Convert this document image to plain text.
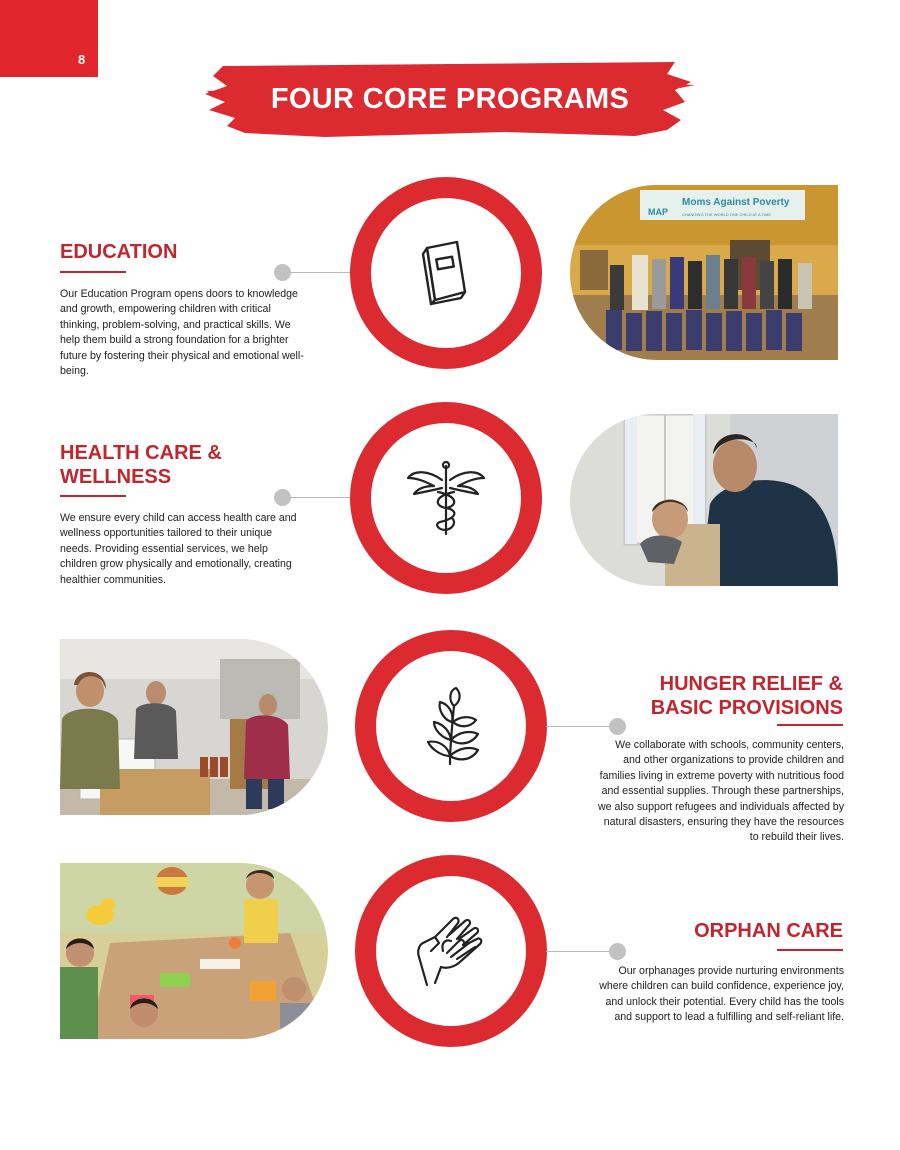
8
FOUR CORE PROGRAMS
EDUCATION

Our Education Program opens doors to knowledge and growth, empowering children with critical thinking, problem-solving, and practical skills. We help them build a strong foundation for a brighter future by fostering their physical and emotional well-being.

Moms Against Poverty
MAP	CHANGING THE WORLD ONE CHILD AT A TIME
HEALTH CARE &
WELLNESS

We ensure every child can access health care and wellness opportunities tailored to their unique needs. Providing essential services, we help children grow physically and emotionally, creating healthier communities.

HUNGER RELIEF &
BASIC PROVISIONS

We collaborate with schools, community centers, and other organizations to provide children and families living in extreme poverty with nutritious food and essential supplies. Through these partnerships, we also support refugees and individuals affected by natural disasters, ensuring they have the resources to rebuild their lives.

ORPHAN CARE

Our orphanages provide nurturing environments where children can build confidence, experience joy, and unlock their potential. Every child has the tools and support to lead a fulfilling and self-reliant life.
